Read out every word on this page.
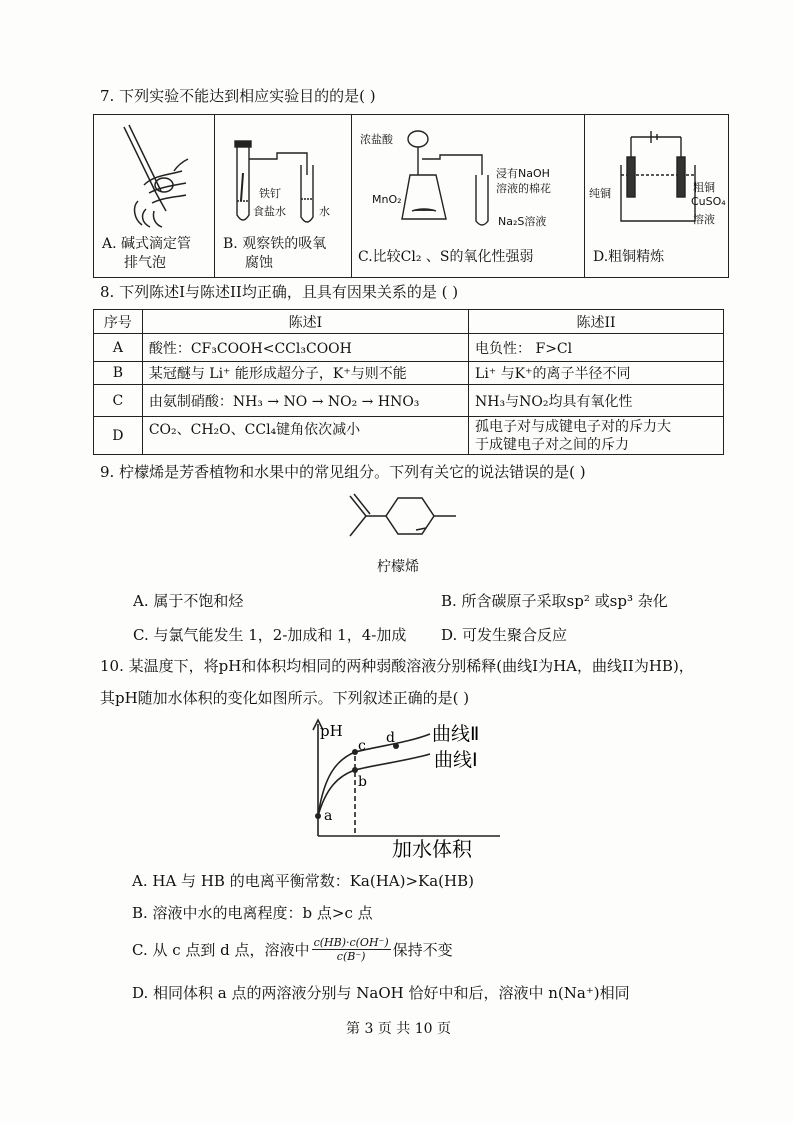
7. 下列实验不能达到相应实验目的的是( )
A. 碱式滴定管
排气泡

铁钉
食盐水	水
B. 观察铁的吸氧
腐蚀

浓盐酸
浸有NaOH
溶液的棉花
MnO₂
Na₂S溶液
C.比较Cl₂ 、S的氧化性强弱

纯铜	粗铜
CuSO₄
溶液
D.粗铜精炼
8. 下列陈述I与陈述II均正确，且具有因果关系的是 ( )
序号	陈述I	陈述II
A	酸性：CF₃COOH<CCl₃COOH	电负性： F>Cl
B	某冠醚与 Li⁺ 能形成超分子，K⁺与则不能	Li⁺ 与K⁺的离子半径不同
C	由氨制硝酸：NH₃ → NO → NO₂ → HNO₃	NH₃与NO₂均具有氧化性
D	CO₂、CH₂O、CCl₄键角依次减小	孤电子对与成键电子对的斥力大
于成键电子对之间的斥力
9. 柠檬烯是芳香植物和水果中的常见组分。下列有关它的说法错误的是( )
柠檬烯
A. 属于不饱和烃	B. 所含碳原子采取sp² 或sp³ 杂化
C. 与氯气能发生 1，2-加成和 1，4-加成 D. 可发生聚合反应
10. 某温度下，将pH和体积均相同的两种弱酸溶液分别稀释(曲线I为HA，曲线II为HB)，
其pH随加水体积的变化如图所示。下列叙述正确的是( )
pH
a
b
c d 曲线Ⅱ
曲线Ⅰ
加水体积
A. HA 与 HB 的电离平衡常数：Ka(HA)>Ka(HB)
B. 溶液中水的电离程度：b 点>c 点
C. 从 c 点到 d 点，溶液中 $\frac{c(HB)\cdot c(OH^-)}{c(B^-)}$ 保持不变
D. 相同体积 a 点的两溶液分别与 NaOH 恰好中和后，溶液中 n(Na⁺)相同
第 3 页 共 10 页
